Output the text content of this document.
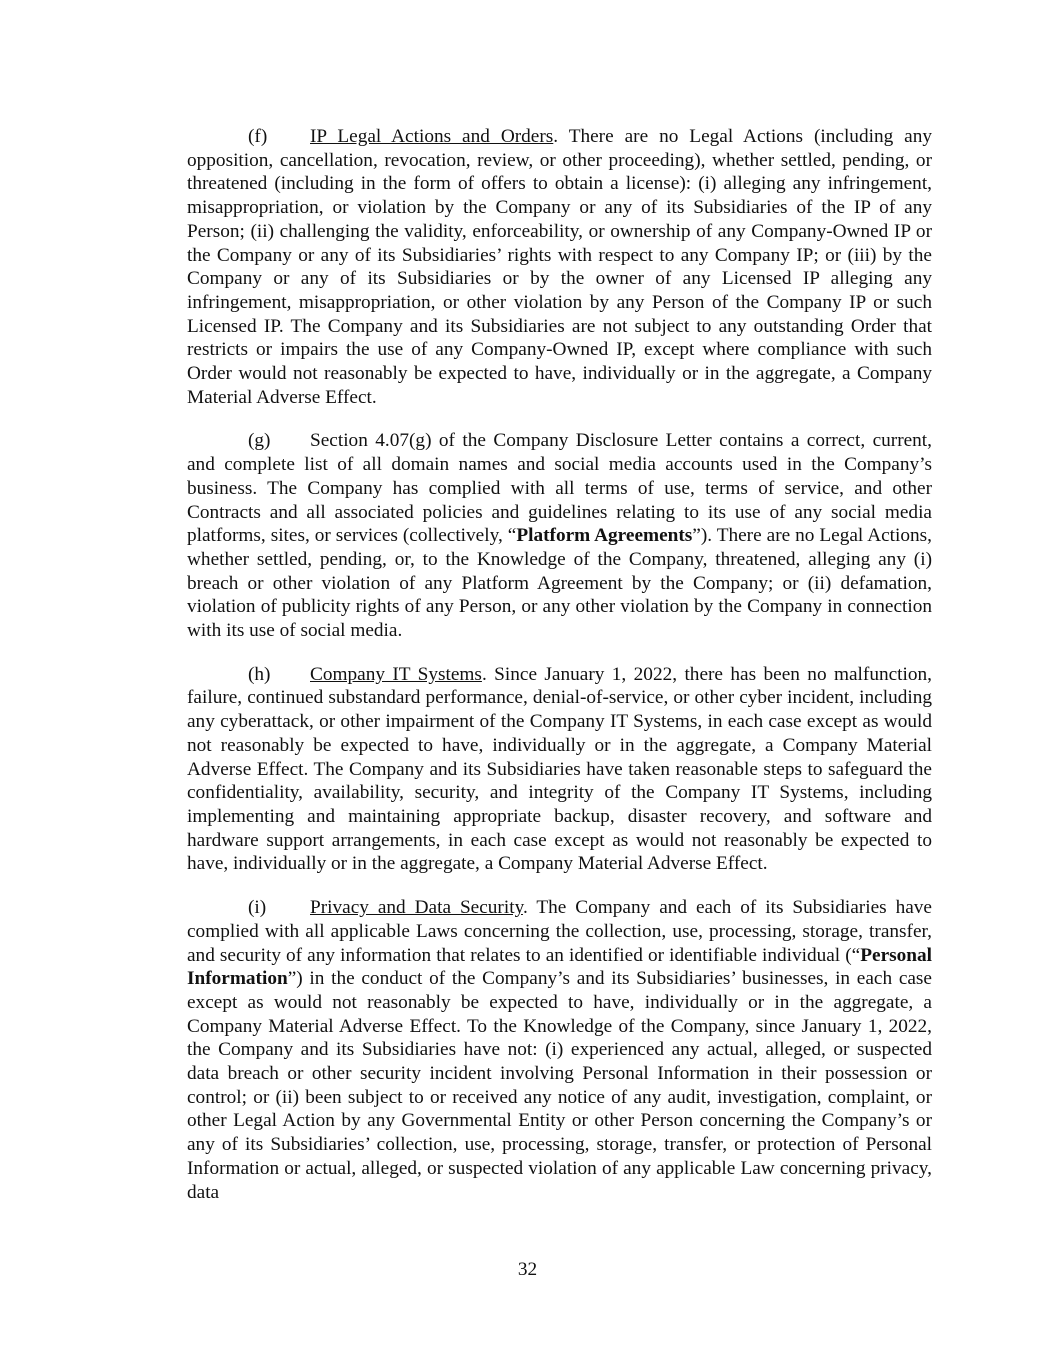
(f) IP Legal Actions and Orders. There are no Legal Actions (including any opposition, cancellation, revocation, review, or other proceeding), whether settled, pending, or threatened (including in the form of offers to obtain a license): (i) alleging any infringement, misappropriation, or violation by the Company or any of its Subsidiaries of the IP of any Person; (ii) challenging the validity, enforceability, or ownership of any Company-Owned IP or the Company or any of its Subsidiaries’ rights with respect to any Company IP; or (iii) by the Company or any of its Subsidiaries or by the owner of any Licensed IP alleging any infringement, misappropriation, or other violation by any Person of the Company IP or such Licensed IP. The Company and its Subsidiaries are not subject to any outstanding Order that restricts or impairs the use of any Company-Owned IP, except where compliance with such Order would not reasonably be expected to have, individually or in the aggregate, a Company Material Adverse Effect.

(g) Section 4.07(g) of the Company Disclosure Letter contains a correct, current, and complete list of all domain names and social media accounts used in the Company’s business. The Company has complied with all terms of use, terms of service, and other Contracts and all associated policies and guidelines relating to its use of any social media platforms, sites, or services (collectively, “Platform Agreements”). There are no Legal Actions, whether settled, pending, or, to the Knowledge of the Company, threatened, alleging any (i) breach or other violation of any Platform Agreement by the Company; or (ii) defamation, violation of publicity rights of any Person, or any other violation by the Company in connection with its use of social media.

(h) Company IT Systems. Since January 1, 2022, there has been no malfunction, failure, continued substandard performance, denial-of-service, or other cyber incident, including any cyberattack, or other impairment of the Company IT Systems, in each case except as would not reasonably be expected to have, individually or in the aggregate, a Company Material Adverse Effect. The Company and its Subsidiaries have taken reasonable steps to safeguard the confidentiality, availability, security, and integrity of the Company IT Systems, including implementing and maintaining appropriate backup, disaster recovery, and software and hardware support arrangements, in each case except as would not reasonably be expected to have, individually or in the aggregate, a Company Material Adverse Effect.

(i) Privacy and Data Security. The Company and each of its Subsidiaries have complied with all applicable Laws concerning the collection, use, processing, storage, transfer, and security of any information that relates to an identified or identifiable individual (“Personal Information”) in the conduct of the Company’s and its Subsidiaries’ businesses, in each case except as would not reasonably be expected to have, individually or in the aggregate, a Company Material Adverse Effect. To the Knowledge of the Company, since January 1, 2022, the Company and its Subsidiaries have not: (i) experienced any actual, alleged, or suspected data breach or other security incident involving Personal Information in their possession or control; or (ii) been subject to or received any notice of any audit, investigation, complaint, or other Legal Action by any Governmental Entity or other Person concerning the Company’s or any of its Subsidiaries’ collection, use, processing, storage, transfer, or protection of Personal Information or actual, alleged, or suspected violation of any applicable Law concerning privacy, data

32
